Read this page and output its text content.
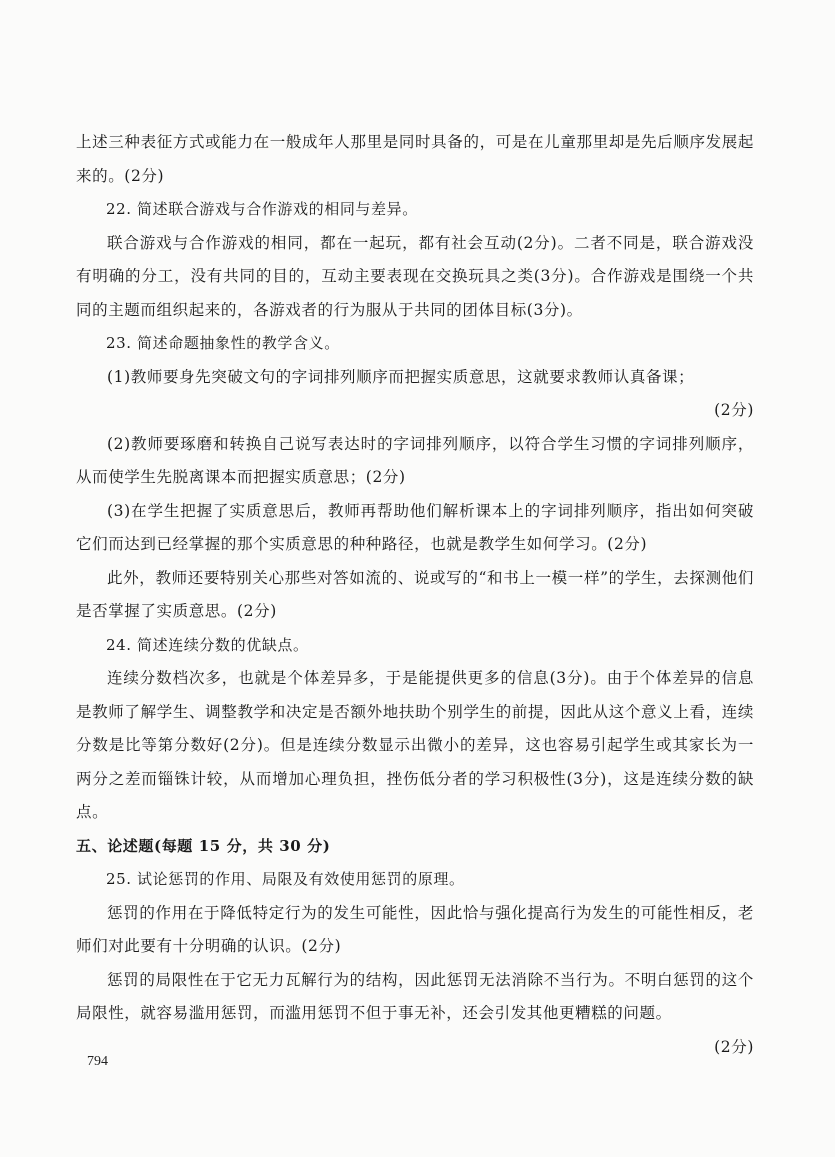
上述三种表征方式或能力在一般成年人那里是同时具备的，可是在儿童那里却是先后顺序发展起来的。(2分)

22. 简述联合游戏与合作游戏的相同与差异。

联合游戏与合作游戏的相同，都在一起玩，都有社会互动(2分)。二者不同是，联合游戏没有明确的分工，没有共同的目的，互动主要表现在交换玩具之类(3分)。合作游戏是围绕一个共同的主题而组织起来的，各游戏者的行为服从于共同的团体目标(3分)。

23. 简述命题抽象性的教学含义。

(1)教师要身先突破文句的字词排列顺序而把握实质意思，这就要求教师认真备课；

(2分)

(2)教师要琢磨和转换自己说写表达时的字词排列顺序，以符合学生习惯的字词排列顺序，从而使学生先脱离课本而把握实质意思；(2分)

(3)在学生把握了实质意思后，教师再帮助他们解析课本上的字词排列顺序，指出如何突破它们而达到已经掌握的那个实质意思的种种路径，也就是教学生如何学习。(2分)

此外，教师还要特别关心那些对答如流的、说或写的“和书上一模一样”的学生，去探测他们是否掌握了实质意思。(2分)

24. 简述连续分数的优缺点。

连续分数档次多，也就是个体差异多，于是能提供更多的信息(3分)。由于个体差异的信息是教师了解学生、调整教学和决定是否额外地扶助个别学生的前提，因此从这个意义上看，连续分数是比等第分数好(2分)。但是连续分数显示出微小的差异，这也容易引起学生或其家长为一两分之差而锱铢计较，从而增加心理负担，挫伤低分者的学习积极性(3分)，这是连续分数的缺点。

五、论述题(每题 15 分，共 30 分)

25. 试论惩罚的作用、局限及有效使用惩罚的原理。

惩罚的作用在于降低特定行为的发生可能性，因此恰与强化提高行为发生的可能性相反，老师们对此要有十分明确的认识。(2分)

惩罚的局限性在于它无力瓦解行为的结构，因此惩罚无法消除不当行为。不明白惩罚的这个局限性，就容易滥用惩罚，而滥用惩罚不但于事无补，还会引发其他更糟糕的问题。

(2分)

794
